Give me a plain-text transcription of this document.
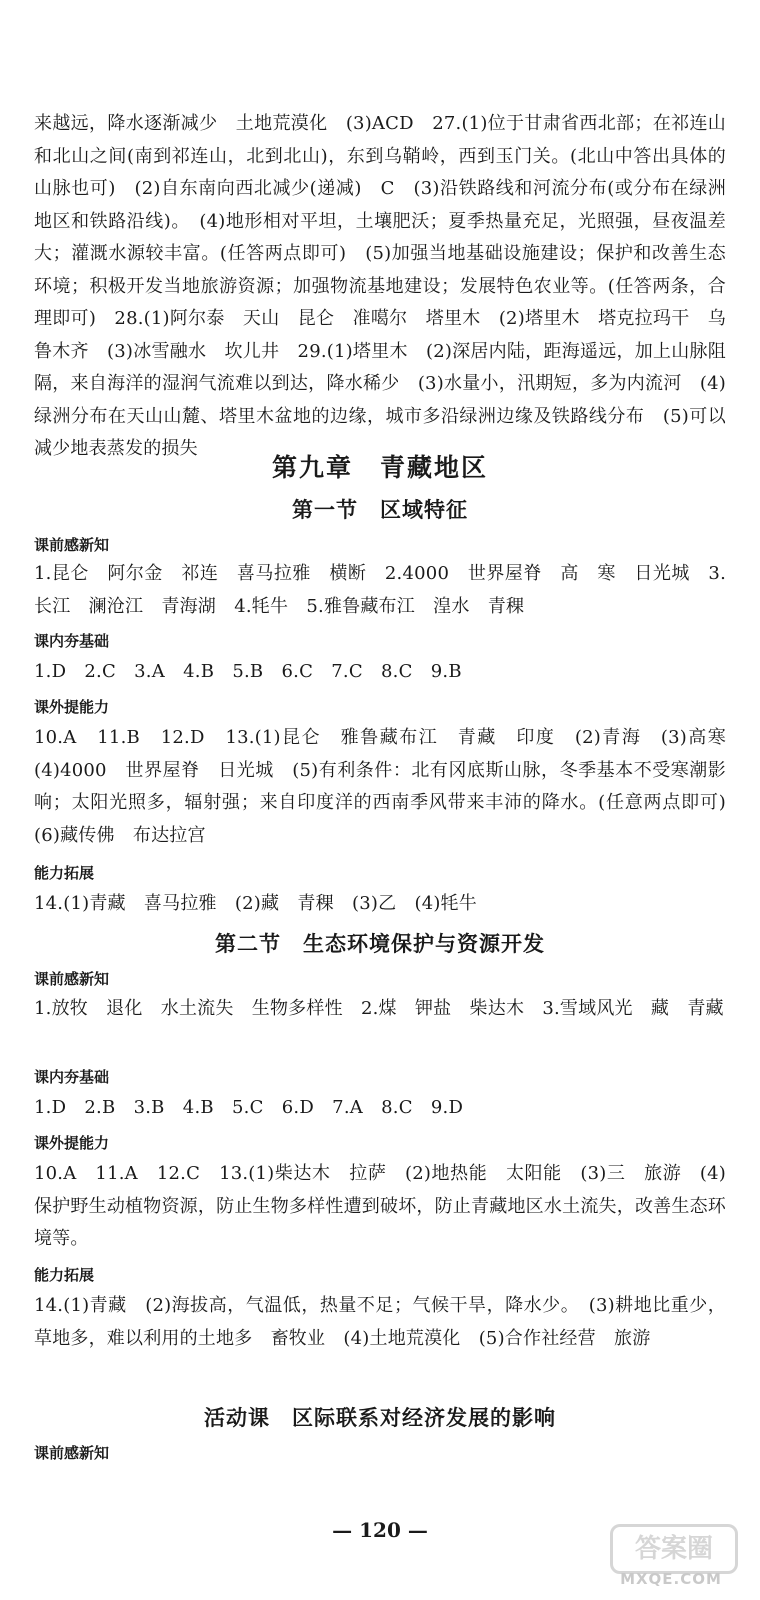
来越远，降水逐渐减少　土地荒漠化　(3)ACD　27.(1)位于甘肃省西北部；在祁连山和北山之间(南到祁连山，北到北山)，东到乌鞘岭，西到玉门关。(北山中答出具体的山脉也可)　(2)自东南向西北减少(递减)　C　(3)沿铁路线和河流分布(或分布在绿洲地区和铁路沿线)。　(4)地形相对平坦，土壤肥沃；夏季热量充足，光照强，昼夜温差大；灌溉水源较丰富。(任答两点即可)　(5)加强当地基础设施建设；保护和改善生态环境；积极开发当地旅游资源；加强物流基地建设；发展特色农业等。(任答两条，合理即可)　28.(1)阿尔泰　天山　昆仑　准噶尔　塔里木　(2)塔里木　塔克拉玛干　乌鲁木齐　(3)冰雪融水　坎儿井　29.(1)塔里木　(2)深居内陆，距海遥远，加上山脉阻隔，来自海洋的湿润气流难以到达，降水稀少　(3)水量小，汛期短，多为内流河　(4)绿洲分布在天山山麓、塔里木盆地的边缘，城市多沿绿洲边缘及铁路线分布　(5)可以减少地表蒸发的损失

第九章　青藏地区
第一节　区域特征
课前感新知

1.昆仑　阿尔金　祁连　喜马拉雅　横断　2.4000　世界屋脊　高　寒　日光城　3.长江　澜沧江　青海湖　4.牦牛　5.雅鲁藏布江　湟水　青稞

课内夯基础

1.D　2.C　3.A　4.B　5.B　6.C　7.C　8.C　9.B

课外提能力

10.A　11.B　12.D　13.(1)昆仑　雅鲁藏布江　青藏　印度　(2)青海　(3)高寒　(4)4000　世界屋脊　日光城　(5)有利条件：北有冈底斯山脉，冬季基本不受寒潮影响；太阳光照多，辐射强；来自印度洋的西南季风带来丰沛的降水。(任意两点即可)　(6)藏传佛　布达拉宫

能力拓展

14.(1)青藏　喜马拉雅　(2)藏　青稞　(3)乙　(4)牦牛

第二节　生态环境保护与资源开发
课前感新知

1.放牧　退化　水土流失　生物多样性　2.煤　钾盐　柴达木　3.雪域风光　藏　青藏

课内夯基础

1.D　2.B　3.B　4.B　5.C　6.D　7.A　8.C　9.D

课外提能力

10.A　11.A　12.C　13.(1)柴达木　拉萨　(2)地热能　太阳能　(3)三　旅游　(4)保护野生动植物资源，防止生物多样性遭到破坏，防止青藏地区水土流失，改善生态环境等。

能力拓展

14.(1)青藏　(2)海拔高，气温低，热量不足；气候干旱，降水少。　(3)耕地比重少，草地多，难以利用的土地多　畜牧业　(4)土地荒漠化　(5)合作社经营　旅游

活动课　区际联系对经济发展的影响
课前感新知
— 120 —
答案圈
MXQE.COM
